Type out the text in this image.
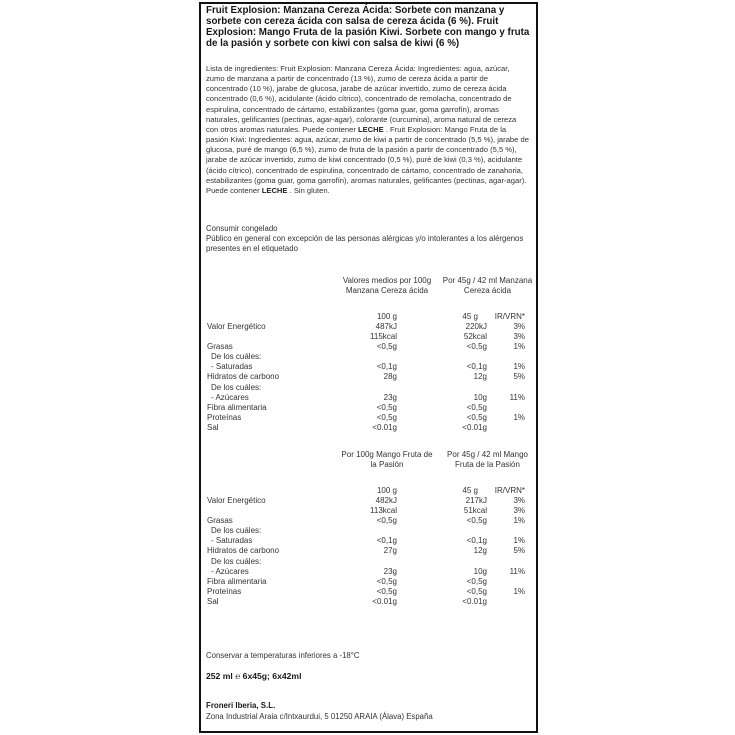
Fruit Explosion: Manzana Cereza Ácida: Sorbete con manzana y sorbete con cereza ácida con salsa de cereza ácida (6 %). Fruit Explosion: Mango Fruta de la pasión Kiwi. Sorbete con mango y fruta de la pasión y sorbete con kiwi con salsa de kiwi (6 %)
Lista de ingredientes: Fruit Explosion: Manzana Cereza Ácida: Ingredientes: agua, azúcar, zumo de manzana a partir de concentrado (13 %), zumo de cereza ácida a partir de concentrado (10 %), jarabe de glucosa, jarabe de azúcar invertido, zumo de cereza ácida concentrado (0,6 %), acidulante (ácido cítrico), concentrado de remolacha, concentrado de espirulina, concentrado de cártamo, estabilizantes (goma guar, goma garrofín), aromas naturales, gelificantes (pectinas, agar-agar), colorante (curcumina), aroma natural de cereza con otros aromas naturales. Puede contener LECHE . Fruit Explosion: Mango Fruta de la pasión Kiwi: Ingredientes: agua, azúcar, zumo de kiwi a partir de concentrado (5,5 %), jarabe de glucosa, puré de mango (6,5 %), zumo de fruta de la pasión a partir de concentrado (5,5 %), jarabe de azúcar invertido, zumo de kiwi concentrado (0,5 %), puré de kiwi (0,3 %), acidulante (ácido cítrico), concentrado de espirulina, concentrado de cártamo, concentrado de zanahoria, estabilizantes (goma guar, goma garrofín), aromas naturales, gelificantes (pectinas, agar-agar). Puede contener LECHE . Sin gluten.
Consumir congelado
Público en general con excepción de las personas alérgicas y/o intolerantes a los alérgenos presentes en el etiquetado
Valores medios por 100g
Manzana Cereza ácida
Por 45g / 42 ml Manzana
Cereza ácida
100 g	45 g	IR/VRN*
Valor Energético	487kJ	220kJ	3%
115kcal	52kcal	3%
Grasas	<0,5g	<0,5g	1%
De los cuáles:
- Saturadas	<0,1g	<0,1g	1%
Hidratos de carbono	28g	12g	5%
De los cuáles:
- Azúcares	23g	10g	11%
Fibra alimentaria	<0,5g	<0,5g
Proteínas	<0,5g	<0,5g	1%
Sal	<0.01g	<0.01g
Por 100g Mango Fruta de
la Pasión
Por 45g / 42 ml Mango
Fruta de la Pasión
100 g	45 g	IR/VRN*
Valor Energético	482kJ	217kJ	3%
113kcal	51kcal	3%
Grasas	<0,5g	<0,5g	1%
De los cuáles:
- Saturadas	<0,1g	<0,1g	1%
Hidratos de carbono	27g	12g	5%
De los cuáles:
- Azúcares	23g	10g	11%
Fibra alimentaria	<0,5g	<0,5g
Proteínas	<0,5g	<0,5g	1%
Sal	<0.01g	<0.01g
Conservar a temperaturas inferiores a -18°C
252 ml ℮ 6x45g; 6x42ml
Froneri Iberia, S.L.
Zona Industrial Araia c/Intxaurdui, 5 01250 ARAIA (Álava) España
